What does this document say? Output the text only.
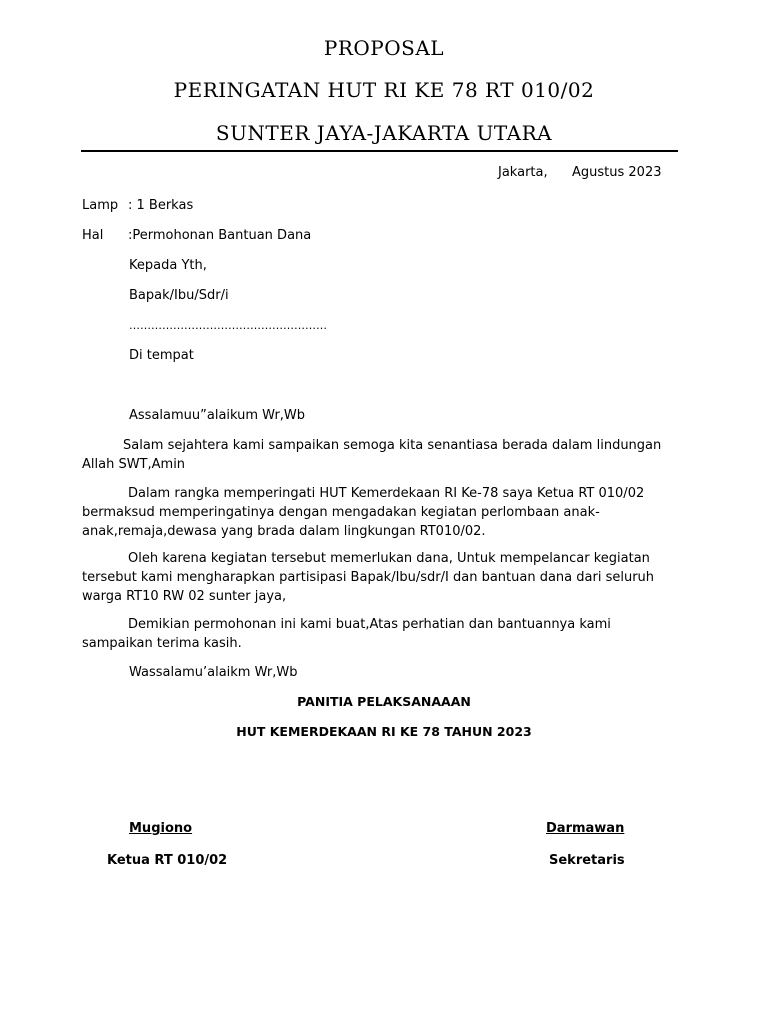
PROPOSAL
PERINGATAN HUT RI KE 78 RT 010/02
SUNTER JAYA-JAKARTA UTARA
Jakarta, Agustus 2023
Lamp : 1 Berkas
Hal :Permohonan Bantuan Dana
Kepada Yth,
Bapak/Ibu/Sdr/i
………………………………………………
Di tempat
Assalamuu”alaikum Wr,Wb
Salam sejahtera kami sampaikan semoga kita senantiasa berada dalam lindungan Allah SWT,Amin
Dalam rangka memperingati HUT Kemerdekaan RI Ke-78 saya Ketua RT 010/02 bermaksud memperingatinya dengan mengadakan kegiatan perlombaan anak-anak,remaja,dewasa yang brada dalam lingkungan RT010/02.
Oleh karena kegiatan tersebut memerlukan dana, Untuk mempelancar kegiatan tersebut kami mengharapkan partisipasi Bapak/Ibu/sdr/I dan bantuan dana dari seluruh warga RT10 RW 02 sunter jaya,
Demikian permohonan ini kami buat,Atas perhatian dan bantuannya kami sampaikan terima kasih.
Wassalamu’alaikm Wr,Wb
PANITIA PELAKSANAAAN
HUT KEMERDEKAAN RI KE 78 TAHUN 2023
Mugiono
Ketua RT 010/02
Darmawan
Sekretaris
